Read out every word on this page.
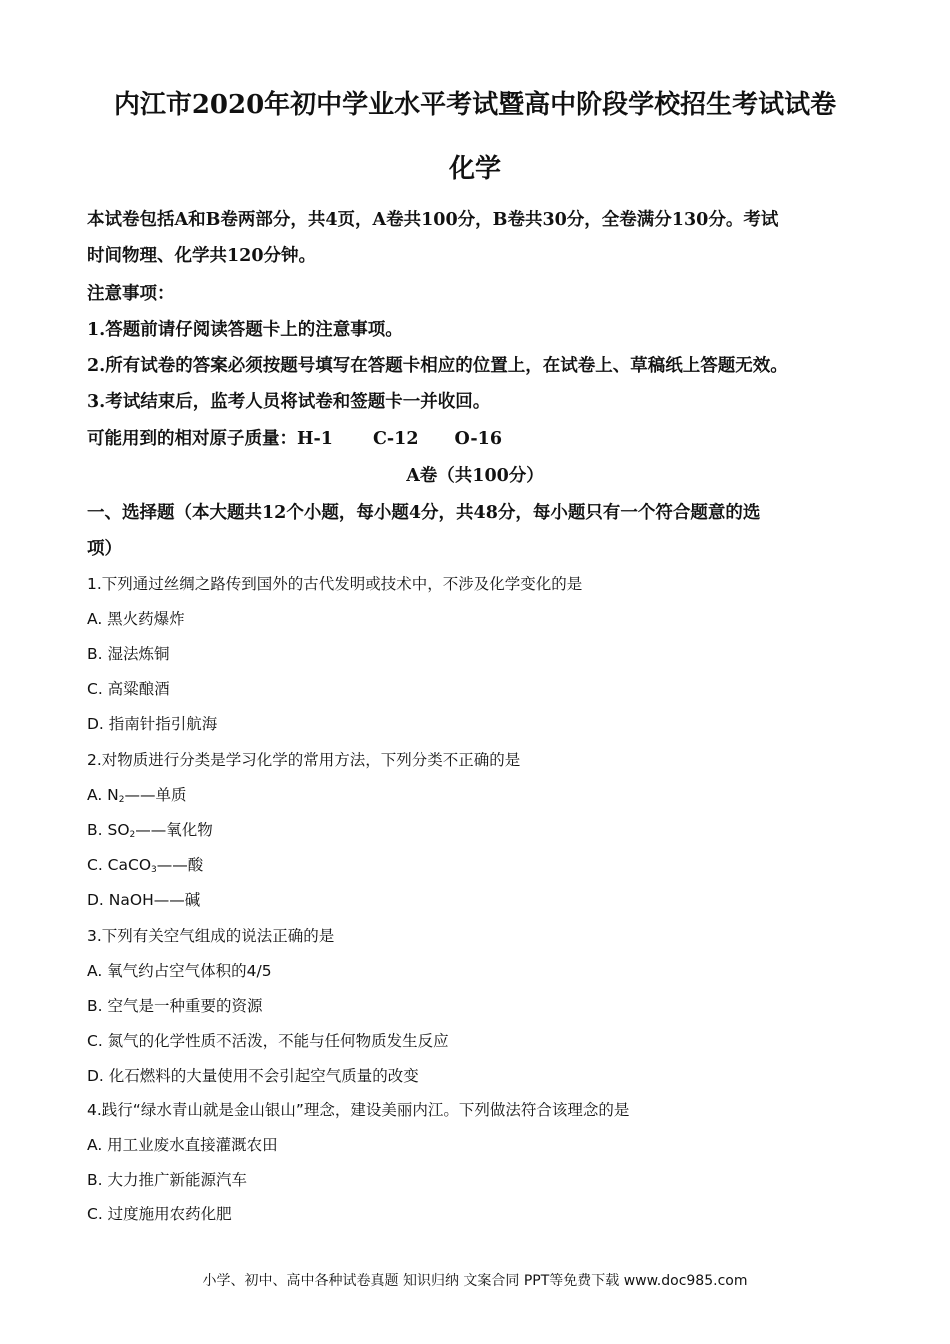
内江市2020年初中学业水平考试暨高中阶段学校招生考试试卷
化学
本试卷包括A和B卷两部分，共4页，A卷共100分，B卷共30分，全卷满分130分。考试
时间物理、化学共120分钟。
注意事项：
1.答题前请仔阅读答题卡上的注意事项。
2.所有试卷的答案必须按题号填写在答题卡相应的位置上，在试卷上、草稿纸上答题无效。
3.考试结束后，监考人员将试卷和签题卡一并收回。
可能用到的相对原子质量：H-1 C-12 O-16
A卷（共100分）
一、选择题（本大题共12个小题，每小题4分，共48分，每小题只有一个符合题意的选
项）
1.下列通过丝绸之路传到国外的古代发明或技术中，不涉及化学变化的是
A. 黑火药爆炸
B. 湿法炼铜
C. 高粱酿酒
D. 指南针指引航海
2.对物质进行分类是学习化学的常用方法，下列分类不正确的是
A. $N_2——$单质
B. $SO_2——$氧化物
C. CaCO$_3$——酸
D. NaOH——碱
3.下列有关空气组成的说法正确的是
A. 氧气约占空气体积的4/5
B. 空气是一种重要的资源
C. 氮气的化学性质不活泼，不能与任何物质发生反应
D. 化石燃料的大量使用不会引起空气质量的改变
4.践行“绿水青山就是金山银山”理念，建设美丽内江。下列做法符合该理念的是
A. 用工业废水直接灌溉农田
B. 大力推广新能源汽车
C. 过度施用农药化肥
小学、初中、高中各种试卷真题 知识归纳 文案合同 PPT等免费下载 www.doc985.com
